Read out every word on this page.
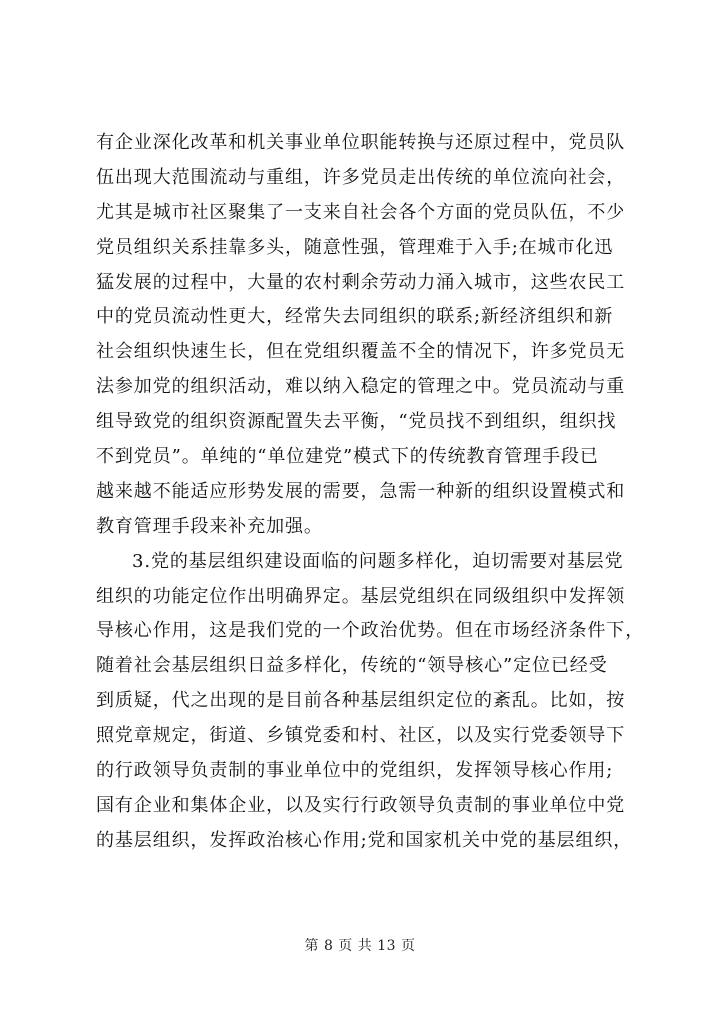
有企业深化改革和机关事业单位职能转换与还原过程中，党员队
伍出现大范围流动与重组，许多党员走出传统的单位流向社会，
尤其是城市社区聚集了一支来自社会各个方面的党员队伍，不少
党员组织关系挂靠多头，随意性强，管理难于入手;在城市化迅
猛发展的过程中，大量的农村剩余劳动力涌入城市，这些农民工
中的党员流动性更大，经常失去同组织的联系;新经济组织和新
社会组织快速生长，但在党组织覆盖不全的情况下，许多党员无
法参加党的组织活动，难以纳入稳定的管理之中。党员流动与重
组导致党的组织资源配置失去平衡，“党员找不到组织，组织找
不到党员”。单纯的“单位建党”模式下的传统教育管理手段已
越来越不能适应形势发展的需要，急需一种新的组织设置模式和
教育管理手段来补充加强。
3.党的基层组织建设面临的问题多样化，迫切需要对基层党
组织的功能定位作出明确界定。基层党组织在同级组织中发挥领
导核心作用，这是我们党的一个政治优势。但在市场经济条件下，
随着社会基层组织日益多样化，传统的“领导核心”定位已经受
到质疑，代之出现的是目前各种基层组织定位的紊乱。比如，按
照党章规定，街道、乡镇党委和村、社区，以及实行党委领导下
的行政领导负责制的事业单位中的党组织，发挥领导核心作用;
国有企业和集体企业，以及实行行政领导负责制的事业单位中党
的基层组织，发挥政治核心作用;党和国家机关中党的基层组织，
第 8 页 共 13 页
